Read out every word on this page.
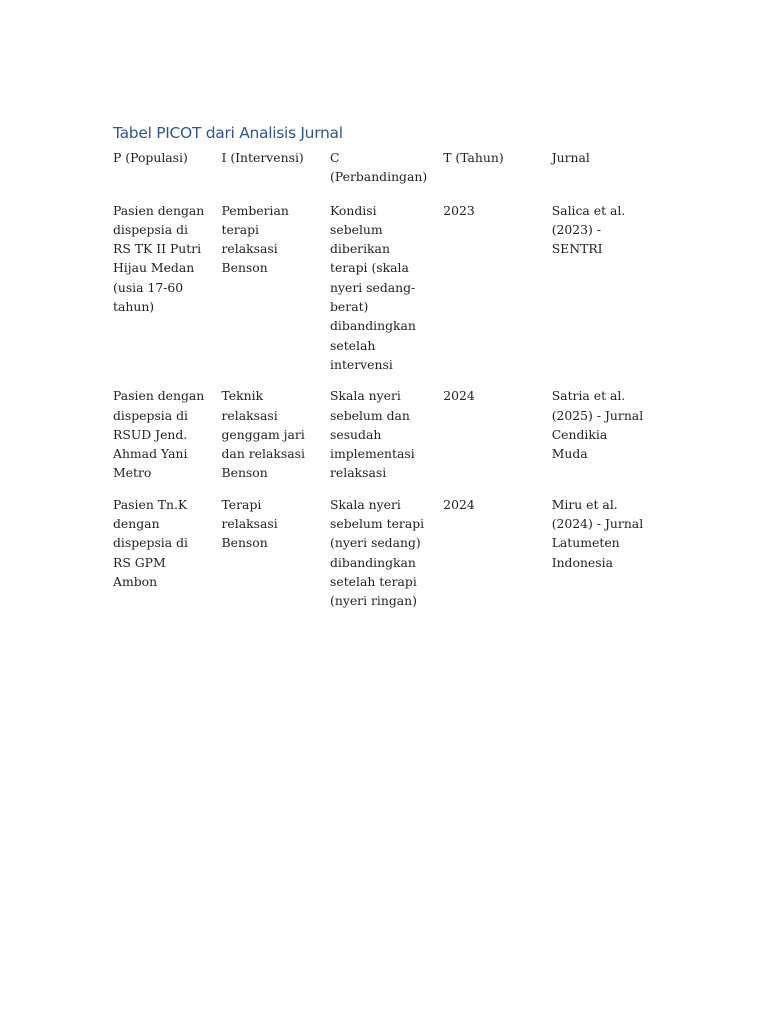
Tabel PICOT dari Analisis Jurnal
P (Populasi)	I (Intervensi)	C (Perbandingan)	T (Tahun)	Jurnal
Pasien dengan dispepsia di RS TK II Putri Hijau Medan (usia 17-60 tahun)	Pemberian terapi relaksasi Benson	Kondisi sebelum diberikan terapi (skala nyeri sedang-berat) dibandingkan setelah intervensi	2023	Salica et al. (2023) - SENTRI
Pasien dengan dispepsia di RSUD Jend. Ahmad Yani Metro	Teknik relaksasi genggam jari dan relaksasi Benson	Skala nyeri sebelum dan sesudah implementasi relaksasi	2024	Satria et al. (2025) - Jurnal Cendikia Muda
Pasien Tn.K dengan dispepsia di RS GPM Ambon	Terapi relaksasi Benson	Skala nyeri sebelum terapi (nyeri sedang) dibandingkan setelah terapi (nyeri ringan)	2024	Miru et al. (2024) - Jurnal Latumeten Indonesia
